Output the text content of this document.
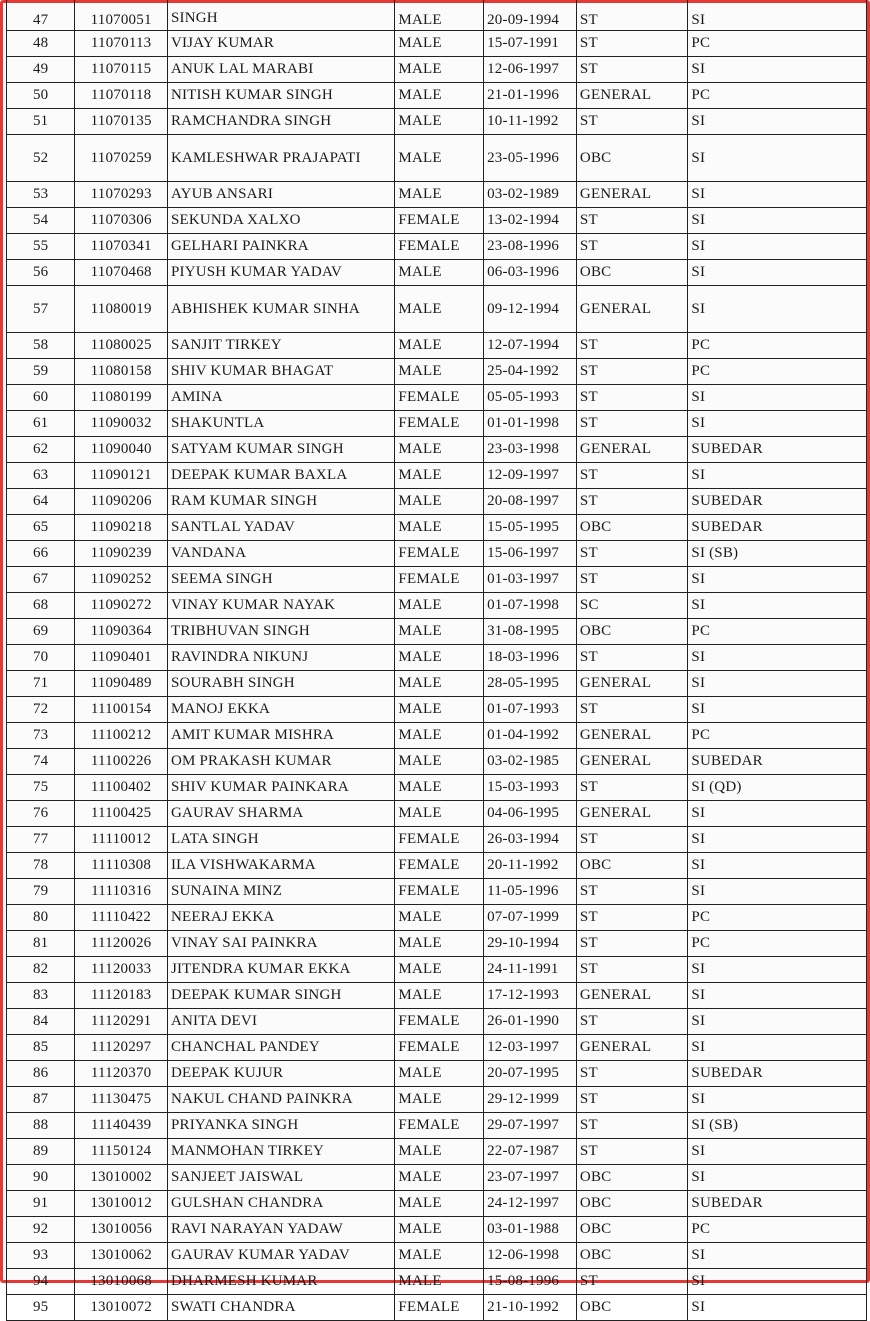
47	11070051	SINGH	MALE	20-09-1994	ST	SI
48	11070113	VIJAY KUMAR	MALE	15-07-1991	ST	PC
49	11070115	ANUK LAL MARABI	MALE	12-06-1997	ST	SI
50	11070118	NITISH KUMAR SINGH	MALE	21-01-1996	GENERAL	PC
51	11070135	RAMCHANDRA SINGH	MALE	10-11-1992	ST	SI
52	11070259	KAMLESHWAR PRAJAPATI	MALE	23-05-1996	OBC	SI
53	11070293	AYUB ANSARI	MALE	03-02-1989	GENERAL	SI
54	11070306	SEKUNDA XALXO	FEMALE	13-02-1994	ST	SI
55	11070341	GELHARI PAINKRA	FEMALE	23-08-1996	ST	SI
56	11070468	PIYUSH KUMAR YADAV	MALE	06-03-1996	OBC	SI
57	11080019	ABHISHEK KUMAR SINHA	MALE	09-12-1994	GENERAL	SI
58	11080025	SANJIT TIRKEY	MALE	12-07-1994	ST	PC
59	11080158	SHIV KUMAR BHAGAT	MALE	25-04-1992	ST	PC
60	11080199	AMINA	FEMALE	05-05-1993	ST	SI
61	11090032	SHAKUNTLA	FEMALE	01-01-1998	ST	SI
62	11090040	SATYAM KUMAR SINGH	MALE	23-03-1998	GENERAL	SUBEDAR
63	11090121	DEEPAK KUMAR BAXLA	MALE	12-09-1997	ST	SI
64	11090206	RAM KUMAR SINGH	MALE	20-08-1997	ST	SUBEDAR
65	11090218	SANTLAL YADAV	MALE	15-05-1995	OBC	SUBEDAR
66	11090239	VANDANA	FEMALE	15-06-1997	ST	SI (SB)
67	11090252	SEEMA SINGH	FEMALE	01-03-1997	ST	SI
68	11090272	VINAY KUMAR NAYAK	MALE	01-07-1998	SC	SI
69	11090364	TRIBHUVAN SINGH	MALE	31-08-1995	OBC	PC
70	11090401	RAVINDRA NIKUNJ	MALE	18-03-1996	ST	SI
71	11090489	SOURABH SINGH	MALE	28-05-1995	GENERAL	SI
72	11100154	MANOJ EKKA	MALE	01-07-1993	ST	SI
73	11100212	AMIT KUMAR MISHRA	MALE	01-04-1992	GENERAL	PC
74	11100226	OM PRAKASH KUMAR	MALE	03-02-1985	GENERAL	SUBEDAR
75	11100402	SHIV KUMAR PAINKARA	MALE	15-03-1993	ST	SI (QD)
76	11100425	GAURAV SHARMA	MALE	04-06-1995	GENERAL	SI
77	11110012	LATA SINGH	FEMALE	26-03-1994	ST	SI
78	11110308	ILA VISHWAKARMA	FEMALE	20-11-1992	OBC	SI
79	11110316	SUNAINA MINZ	FEMALE	11-05-1996	ST	SI
80	11110422	NEERAJ EKKA	MALE	07-07-1999	ST	PC
81	11120026	VINAY SAI PAINKRA	MALE	29-10-1994	ST	PC
82	11120033	JITENDRA KUMAR EKKA	MALE	24-11-1991	ST	SI
83	11120183	DEEPAK KUMAR SINGH	MALE	17-12-1993	GENERAL	SI
84	11120291	ANITA DEVI	FEMALE	26-01-1990	ST	SI
85	11120297	CHANCHAL PANDEY	FEMALE	12-03-1997	GENERAL	SI
86	11120370	DEEPAK KUJUR	MALE	20-07-1995	ST	SUBEDAR
87	11130475	NAKUL CHAND PAINKRA	MALE	29-12-1999	ST	SI
88	11140439	PRIYANKA SINGH	FEMALE	29-07-1997	ST	SI (SB)
89	11150124	MANMOHAN TIRKEY	MALE	22-07-1987	ST	SI
90	13010002	SANJEET JAISWAL	MALE	23-07-1997	OBC	SI
91	13010012	GULSHAN CHANDRA	MALE	24-12-1997	OBC	SUBEDAR
92	13010056	RAVI NARAYAN YADAW	MALE	03-01-1988	OBC	PC
93	13010062	GAURAV KUMAR YADAV	MALE	12-06-1998	OBC	SI
94	13010068	DHARMESH KUMAR	MALE	15-08-1996	ST	SI
95	13010072	SWATI CHANDRA	FEMALE	21-10-1992	OBC	SI
